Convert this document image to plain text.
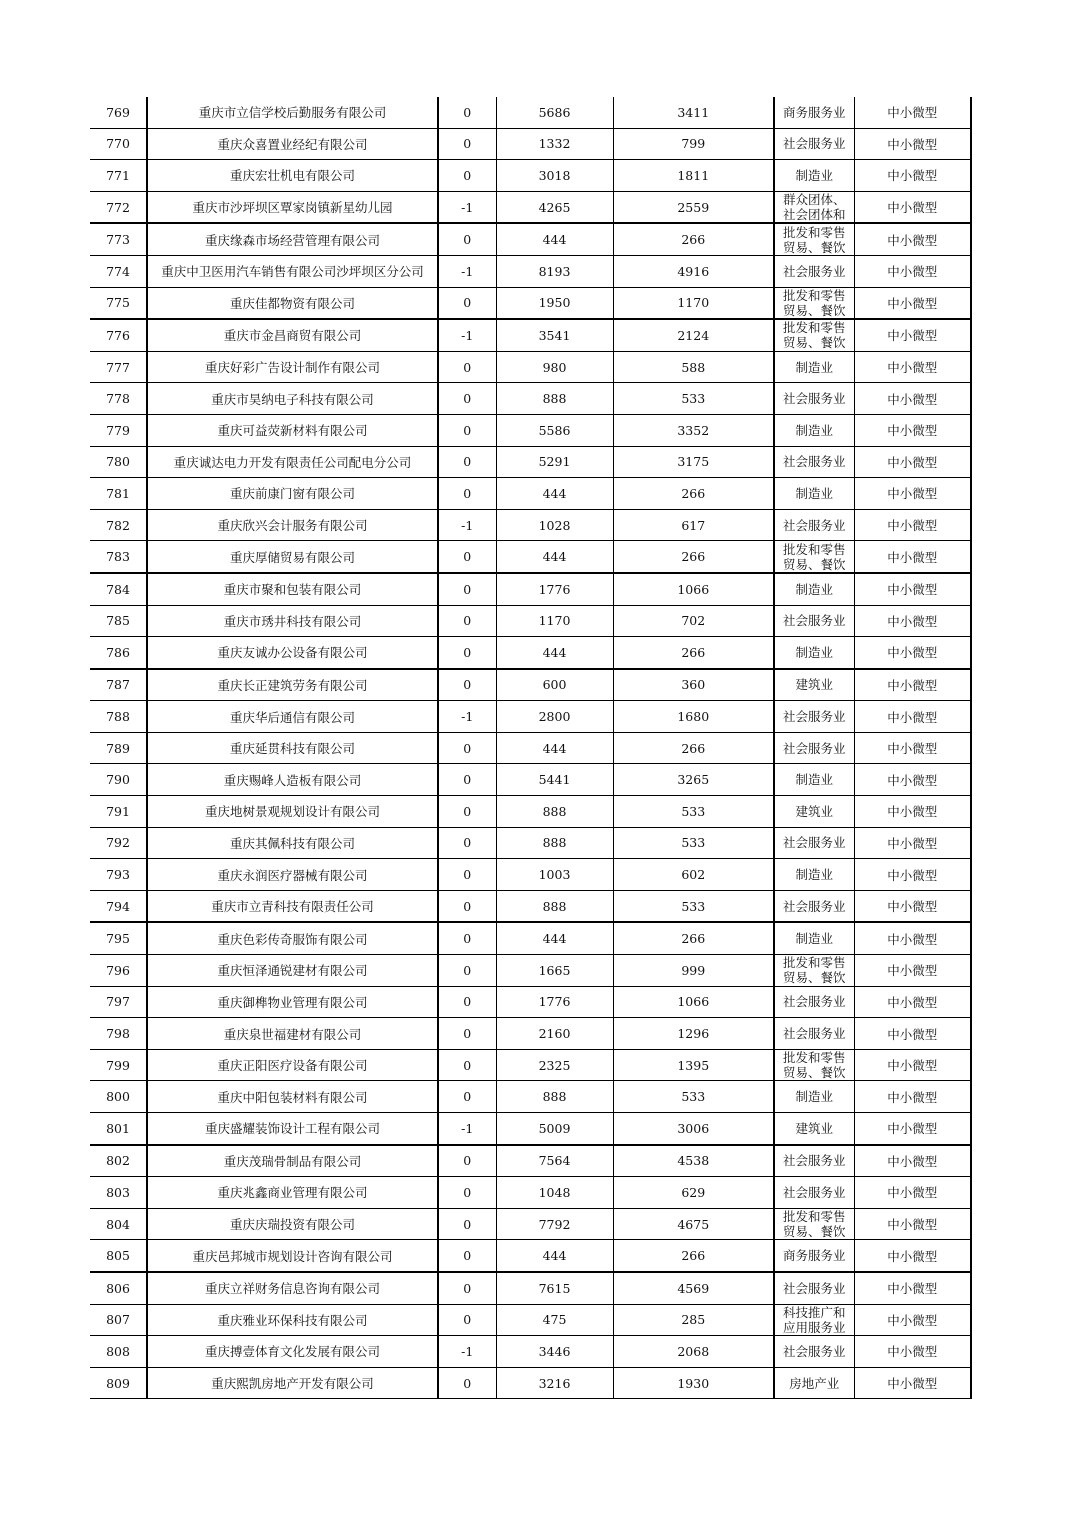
769	重庆市立信学校后勤服务有限公司	0	5686	3411	商务服务业	中小微型
770	重庆众喜置业经纪有限公司	0	1332	799	社会服务业	中小微型
771	重庆宏壮机电有限公司	0	3018	1811	制造业	中小微型
772	重庆市沙坪坝区覃家岗镇新星幼儿园	-1	4265	2559	群众团体、社会团体和	中小微型
773	重庆缘森市场经营管理有限公司	0	444	266	批发和零售贸易、餐饮	中小微型
774	重庆中卫医用汽车销售有限公司沙坪坝区分公司	-1	8193	4916	社会服务业	中小微型
775	重庆佳都物资有限公司	0	1950	1170	批发和零售贸易、餐饮	中小微型
776	重庆市金昌商贸有限公司	-1	3541	2124	批发和零售贸易、餐饮	中小微型
777	重庆好彩广告设计制作有限公司	0	980	588	制造业	中小微型
778	重庆市昊纳电子科技有限公司	0	888	533	社会服务业	中小微型
779	重庆可益荧新材料有限公司	0	5586	3352	制造业	中小微型
780	重庆诚达电力开发有限责任公司配电分公司	0	5291	3175	社会服务业	中小微型
781	重庆前康门窗有限公司	0	444	266	制造业	中小微型
782	重庆欣兴会计服务有限公司	-1	1028	617	社会服务业	中小微型
783	重庆厚储贸易有限公司	0	444	266	批发和零售贸易、餐饮	中小微型
784	重庆市聚和包装有限公司	0	1776	1066	制造业	中小微型
785	重庆市琇井科技有限公司	0	1170	702	社会服务业	中小微型
786	重庆友诚办公设备有限公司	0	444	266	制造业	中小微型
787	重庆长正建筑劳务有限公司	0	600	360	建筑业	中小微型
788	重庆华后通信有限公司	-1	2800	1680	社会服务业	中小微型
789	重庆延贯科技有限公司	0	444	266	社会服务业	中小微型
790	重庆赐峰人造板有限公司	0	5441	3265	制造业	中小微型
791	重庆地树景观规划设计有限公司	0	888	533	建筑业	中小微型
792	重庆其佩科技有限公司	0	888	533	社会服务业	中小微型
793	重庆永润医疗器械有限公司	0	1003	602	制造业	中小微型
794	重庆市立青科技有限责任公司	0	888	533	社会服务业	中小微型
795	重庆色彩传奇服饰有限公司	0	444	266	制造业	中小微型
796	重庆恒泽通锐建材有限公司	0	1665	999	批发和零售贸易、餐饮	中小微型
797	重庆御榫物业管理有限公司	0	1776	1066	社会服务业	中小微型
798	重庆泉世福建材有限公司	0	2160	1296	社会服务业	中小微型
799	重庆正阳医疗设备有限公司	0	2325	1395	批发和零售贸易、餐饮	中小微型
800	重庆中阳包装材料有限公司	0	888	533	制造业	中小微型
801	重庆盛耀装饰设计工程有限公司	-1	5009	3006	建筑业	中小微型
802	重庆茂瑞骨制品有限公司	0	7564	4538	社会服务业	中小微型
803	重庆兆鑫商业管理有限公司	0	1048	629	社会服务业	中小微型
804	重庆庆瑞投资有限公司	0	7792	4675	批发和零售贸易、餐饮	中小微型
805	重庆邑邦城市规划设计咨询有限公司	0	444	266	商务服务业	中小微型
806	重庆立祥财务信息咨询有限公司	0	7615	4569	社会服务业	中小微型
807	重庆雅业环保科技有限公司	0	475	285	科技推广和应用服务业	中小微型
808	重庆搏壹体育文化发展有限公司	-1	3446	2068	社会服务业	中小微型
809	重庆熙凯房地产开发有限公司	0	3216	1930	房地产业	中小微型
